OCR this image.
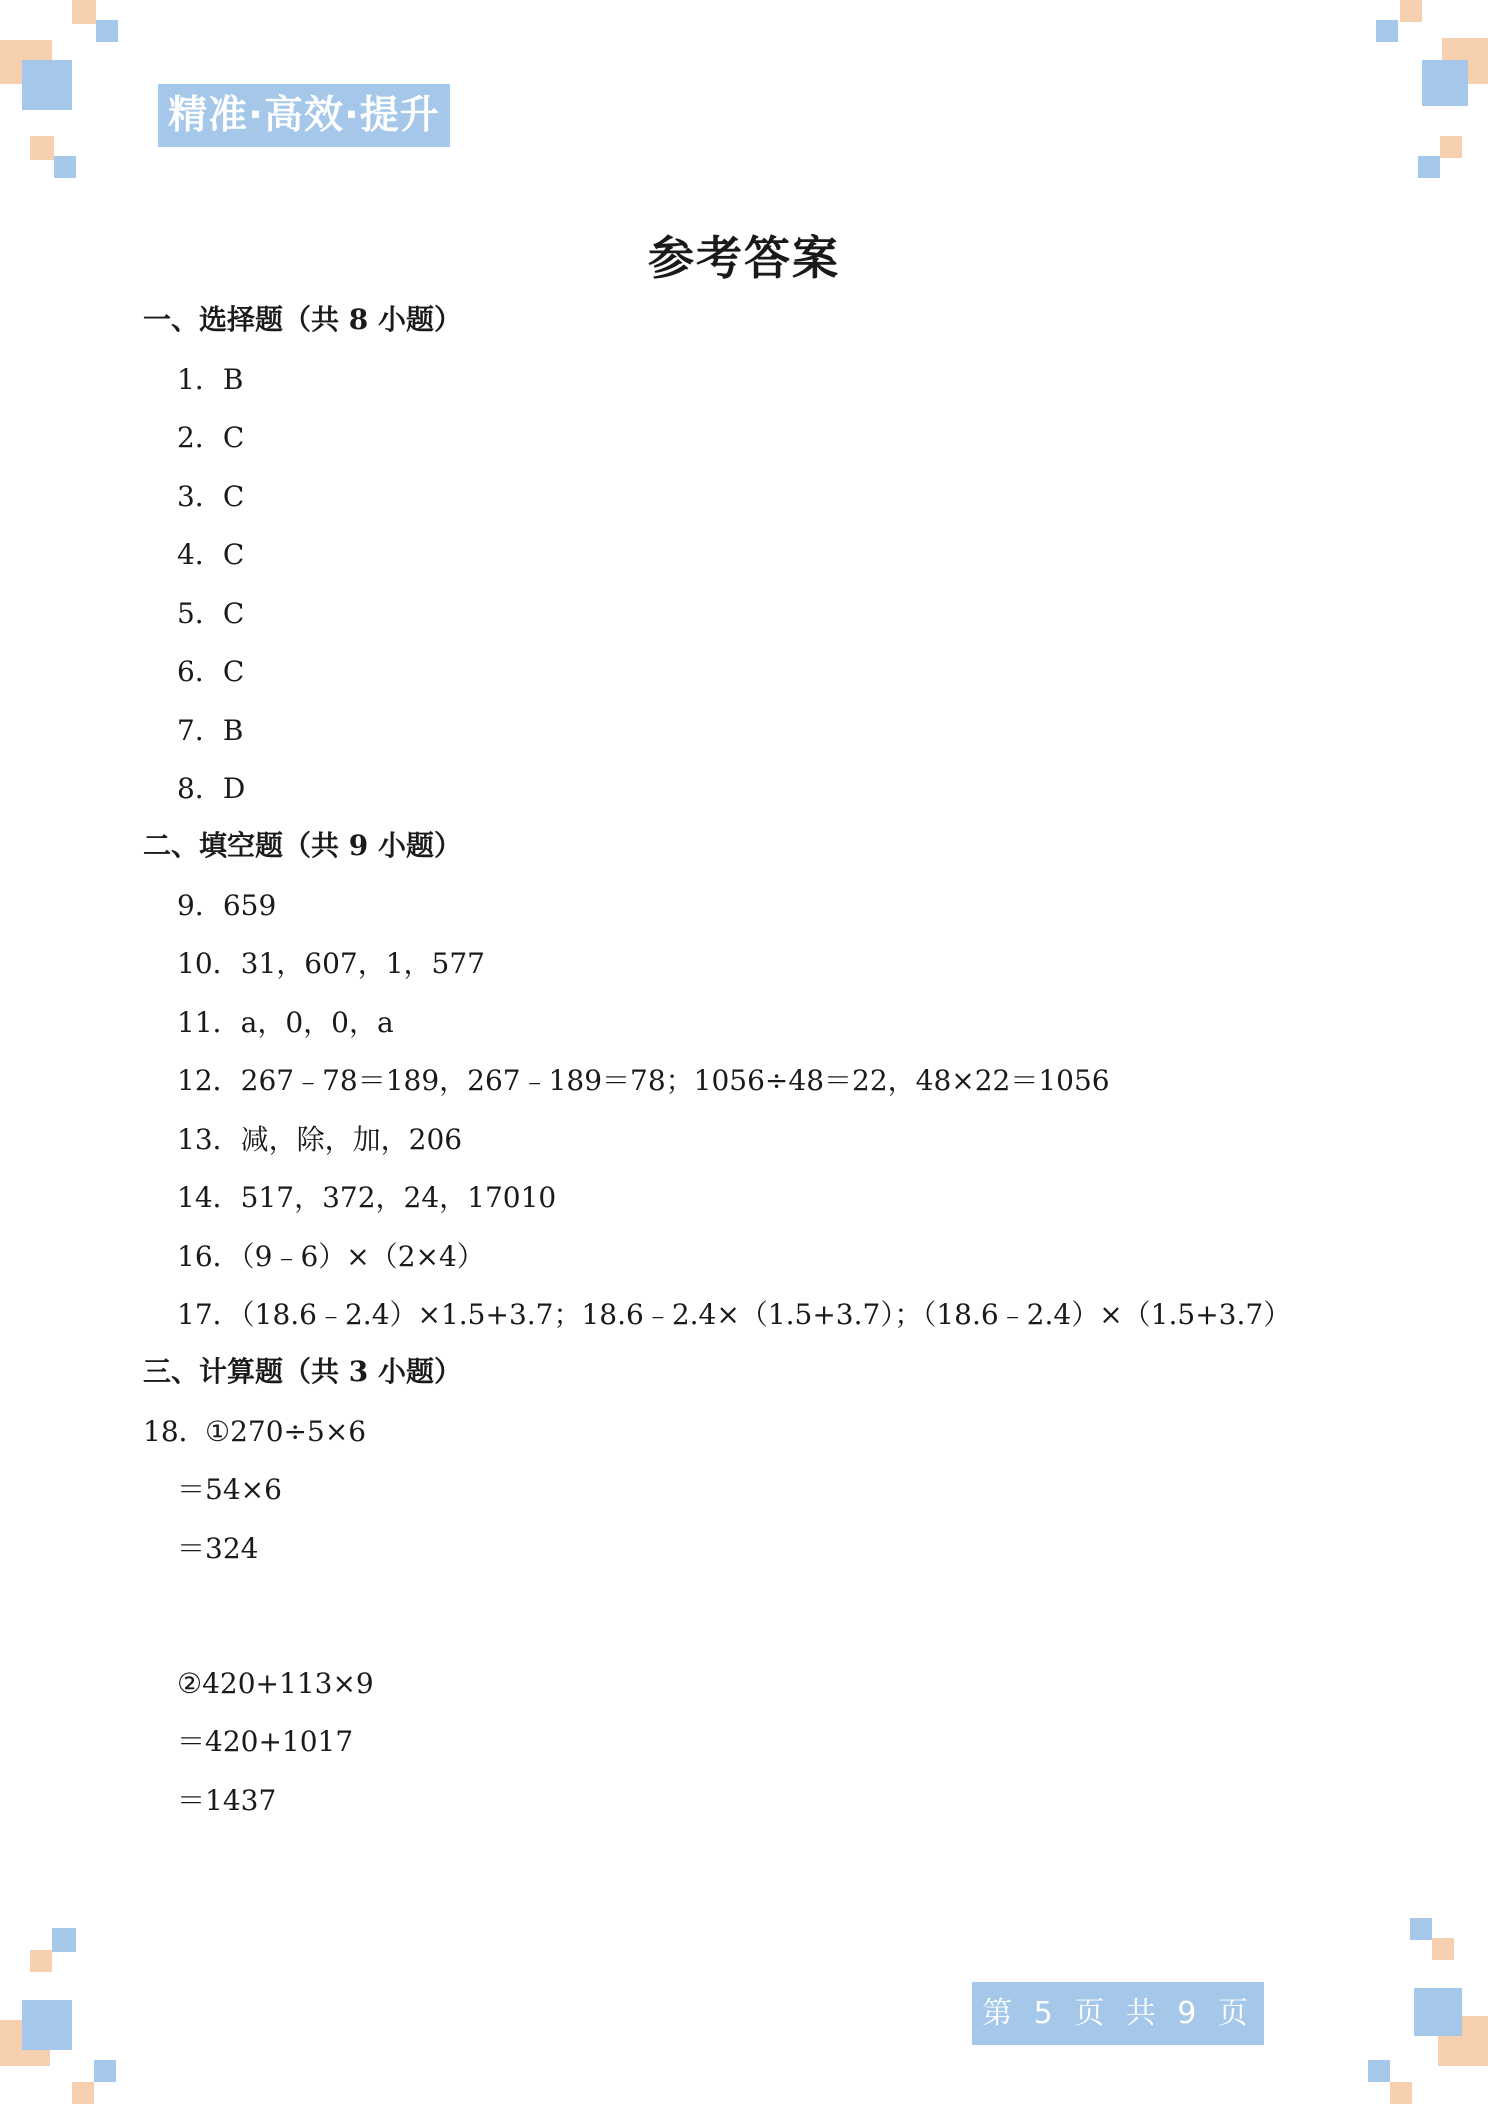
精准·高效·提升
参考答案
一、选择题（共 8 小题）
1．B
2．C
3．C
4．C
5．C
6．C
7．B
8．D
二、填空题（共 9 小题）
9．659
10．31，607，1，577
11．a，0，0，a
12．267﹣78＝189，267﹣189＝78；1056÷48＝22，48×22＝1056
13．减，除，加，206
14．517，372，24，17010
16．（9﹣6）×（2×4）
17．（18.6﹣2.4）×1.5+3.7；18.6﹣2.4×（1.5+3.7）；（18.6﹣2.4）×（1.5+3.7）
三、计算题（共 3 小题）
18．
①270÷5×6
＝54×6
＝324
②420+113×9
＝420+1017
＝1437
第 5 页 共 9 页
